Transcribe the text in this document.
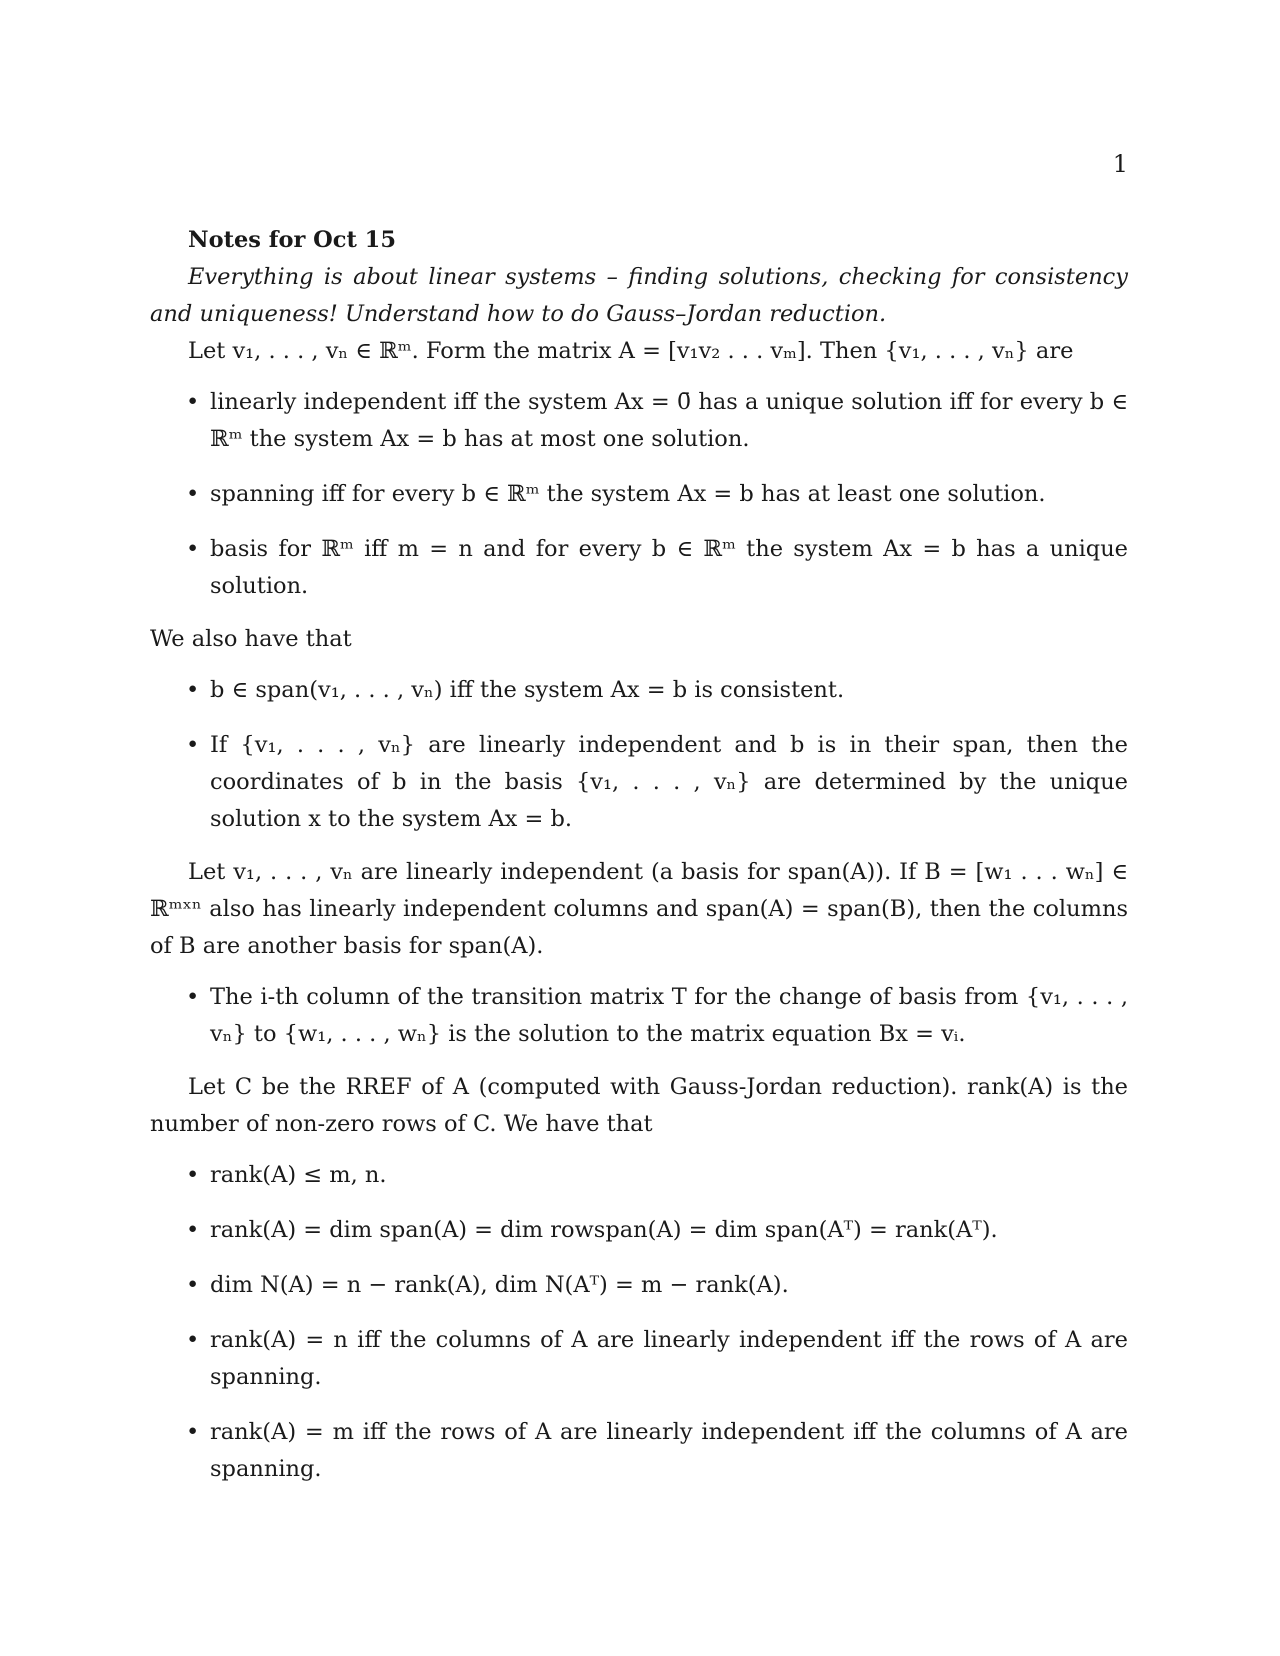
1

Notes for Oct 15

Everything is about linear systems – finding solutions, checking for consistency and uniqueness! Understand how to do Gauss–Jordan reduction.

Let v₁, . . . , vₙ ∈ ℝᵐ. Form the matrix A = [v₁v₂ . . . vₘ]. Then {v₁, . . . , vₙ} are

• linearly independent iff the system Ax = 0̄ has a unique solution iff for every b ∈ ℝᵐ the system Ax = b has at most one solution.
• spanning iff for every b ∈ ℝᵐ the system Ax = b has at least one solution.
• basis for ℝᵐ iff m = n and for every b ∈ ℝᵐ the system Ax = b has a unique solution.

We also have that

• b ∈ span(v₁, . . . , vₙ) iff the system Ax = b is consistent.
• If {v₁, . . . , vₙ} are linearly independent and b is in their span, then the coordinates of b in the basis {v₁, . . . , vₙ} are determined by the unique solution x to the system Ax = b.

Let v₁, . . . , vₙ are linearly independent (a basis for span(A)). If B = [w₁ . . . wₙ] ∈ ℝᵐˣⁿ also has linearly independent columns and span(A) = span(B), then the columns of B are another basis for span(A).

• The i-th column of the transition matrix T for the change of basis from {v₁, . . . , vₙ} to {w₁, . . . , wₙ} is the solution to the matrix equation Bx = vᵢ.

Let C be the RREF of A (computed with Gauss-Jordan reduction). rank(A) is the number of non-zero rows of C. We have that

• rank(A) ≤ m, n.
• rank(A) = dim span(A) = dim rowspan(A) = dim span(Aᵀ) = rank(Aᵀ).
• dim N(A) = n − rank(A), dim N(Aᵀ) = m − rank(A).
• rank(A) = n iff the columns of A are linearly independent iff the rows of A are spanning.
• rank(A) = m iff the rows of A are linearly independent iff the columns of A are spanning.
